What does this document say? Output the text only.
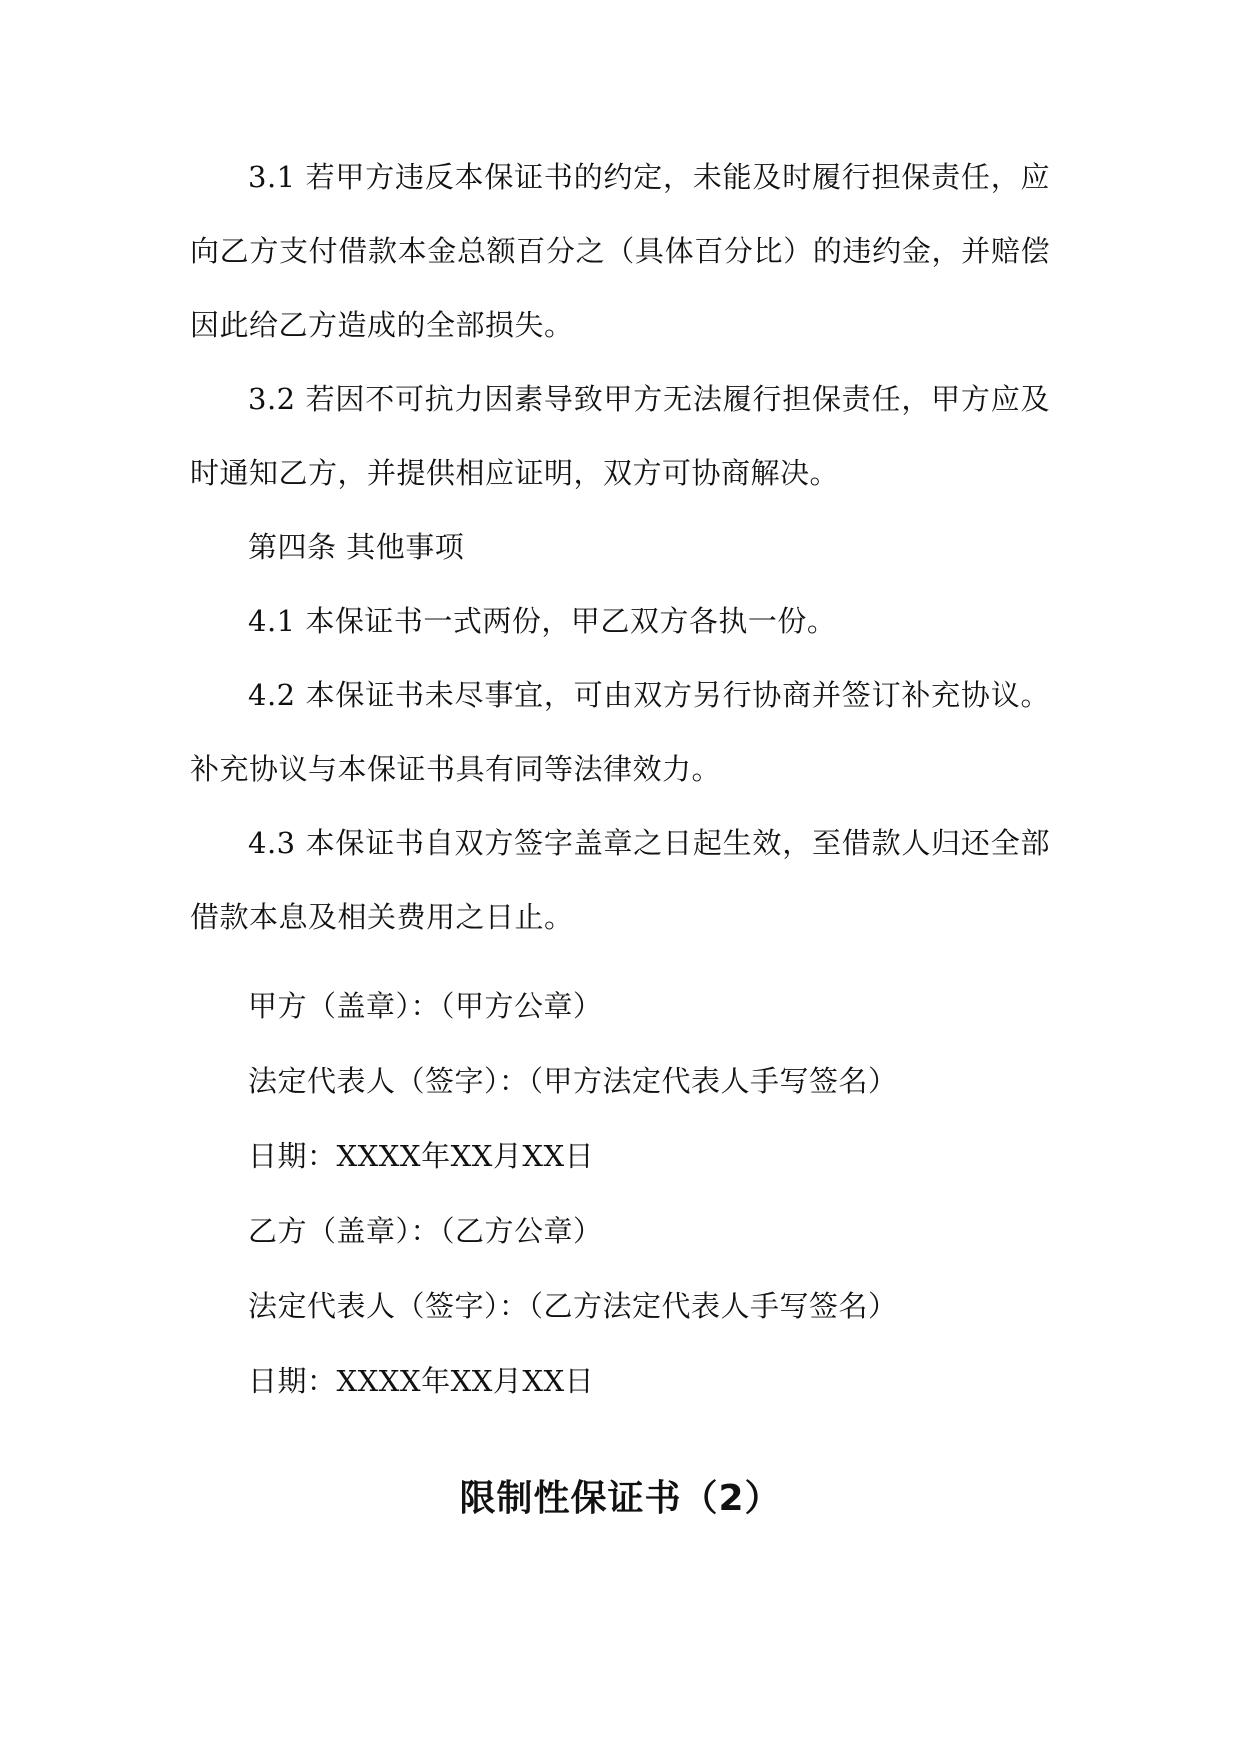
3.1 若甲方违反本保证书的约定，未能及时履行担保责任，应向乙方支付借款本金总额百分之（具体百分比）的违约金，并赔偿因此给乙方造成的全部损失。

3.2 若因不可抗力因素导致甲方无法履行担保责任，甲方应及时通知乙方，并提供相应证明，双方可协商解决。

第四条 其他事项

4.1 本保证书一式两份，甲乙双方各执一份。

4.2 本保证书未尽事宜，可由双方另行协商并签订补充协议。补充协议与本保证书具有同等法律效力。

4.3 本保证书自双方签字盖章之日起生效，至借款人归还全部借款本息及相关费用之日止。

甲方（盖章）：（甲方公章）

法定代表人（签字）：（甲方法定代表人手写签名）

日期：XXXX年XX月XX日

乙方（盖章）：（乙方公章）

法定代表人（签字）：（乙方法定代表人手写签名）

日期：XXXX年XX月XX日

限制性保证书（2）
